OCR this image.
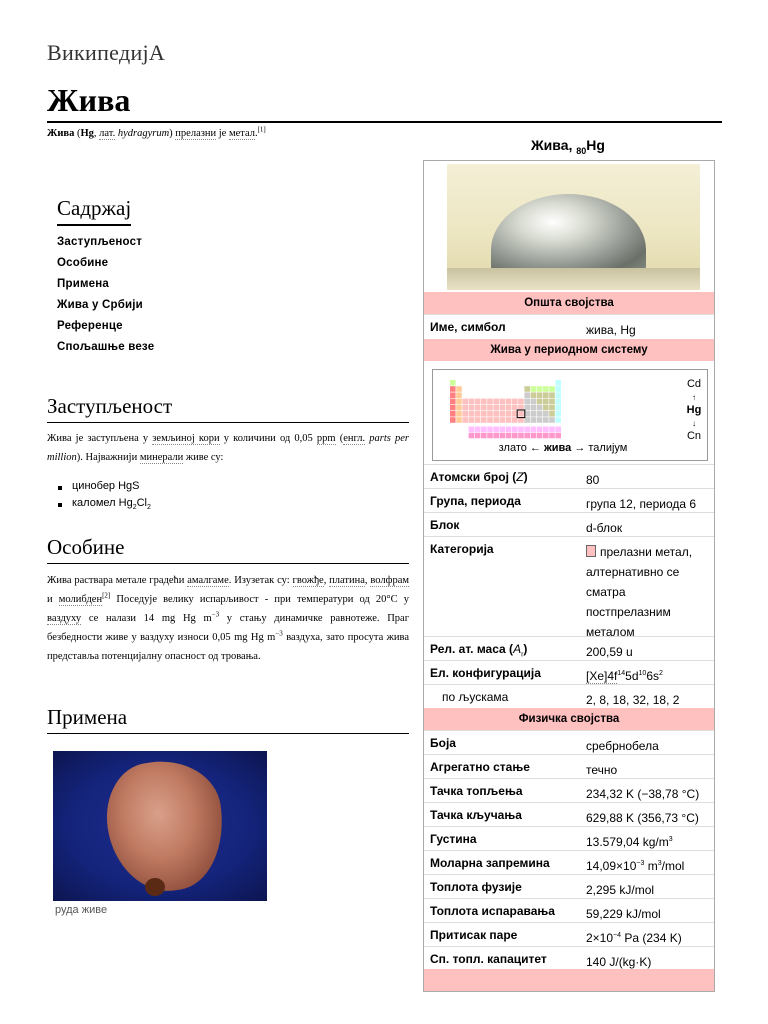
ВикипедијА
Жива
Жива (Hg, лат. hydragyrum) прелазни је метал.[1]
Садржај
Заступљеност
Особине
Примена
Жива у Србији
Референце
Спољашње везе
Заступљеност
Жива је заступљена у земљиној кори у количини од 0,05 ppm (енгл. parts per million). Најважнији минерали живе су:
цинобер HgS
каломел $Hg_2Cl_2$
Особине
Жива раствара метале градећи амалгаме. Изузетак су: гвожђе, платина, волфрам и молибден[2] Поседује велику испарљивост - при температури од 20°C у ваздуху се налази 14 mg Hg $m^{-3}$ у стању динамичке равнотеже. Праг безбедности живе у ваздуху износи 0,05 mg Hg $m^{-3}$ ваздуха, зато просута жива представља потенцијалну опасност од тровања.
Примена
руда живе
Жива, $_{80}$Hg
Општа својства
Име, симбол	жива, Hg
Жива у периодном систему
Cd
↑
Hg
↓
Cn
злато ← жива → талијум
Атомски број (Z)	80
Група, периода	група 12, периода 6
Блок	d-блок
Категорија	прелазни метал, алтернативно се сматра постпрелазним металом
Рел. ат. маса $(A_r)$	200,59 u
Ел. конфигурација	$[Xe]4f^{14}5d^{10}6s^2$
по љускама	2, 8, 18, 32, 18, 2
Физичка својства
Боја	сребрнобела
Агрегатно стање	течно
Тачка топљења	234,32 K (−38,78 °C)
Тачка кључања	629,88 K (356,73 °C)
Густина	13.579,04 $kg/m^3$
Моларна запремина	$14,09\times 10^{-3}$ $m^3$/mol
Топлота фузије	2,295 kJ/mol
Топлота испаравања	59,229 kJ/mol
Притисак паре	$2\times 10^{-4}$ Pa (234 K)
Сп. топл. капацитет	140 J/(kg·K)
